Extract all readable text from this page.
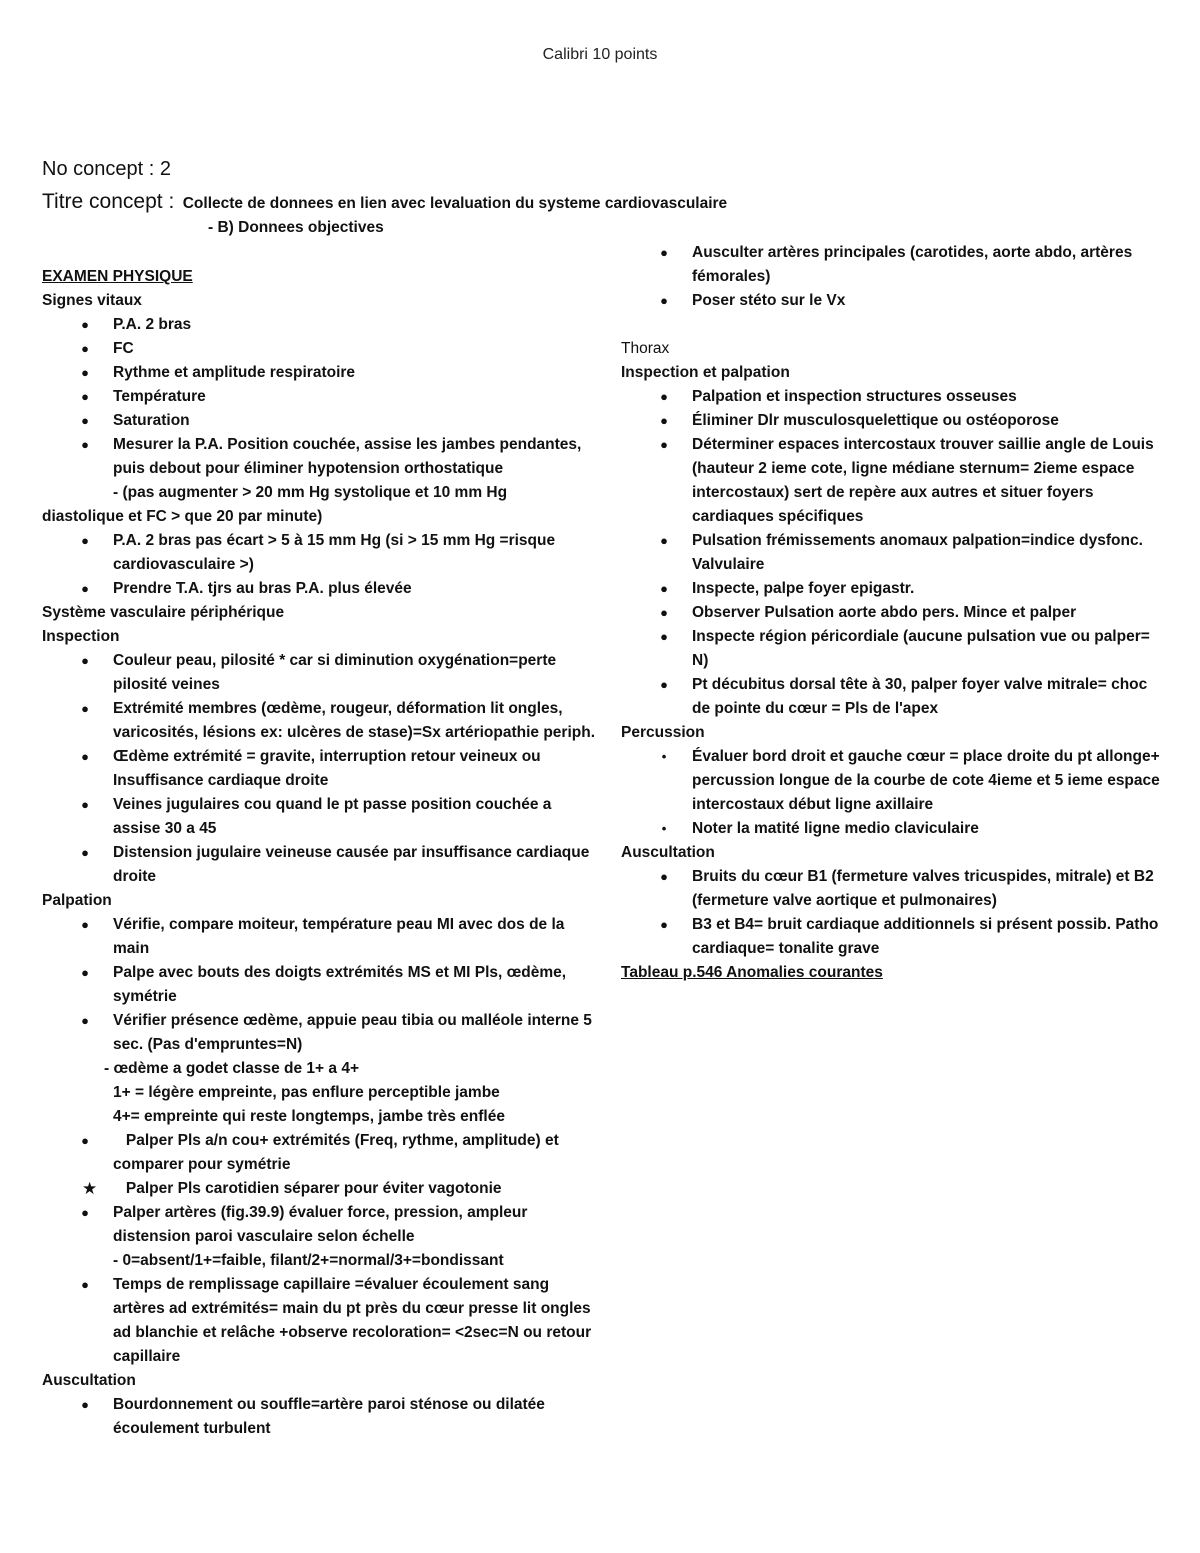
Calibri 10 points
No concept : 2
Titre concept : Collecte de donnees en lien avec levaluation du systeme cardiovasculaire
- B) Donnees objectives
EXAMEN PHYSIQUE
Signes vitaux
● P.A. 2 bras
● FC
● Rythme et amplitude respiratoire
● Température
● Saturation
● Mesurer la P.A. Position couchée, assise les jambes pendantes, puis debout pour éliminer hypotension orthostatique
- (pas augmenter > 20 mm Hg systolique et 10 mm Hg
diastolique et FC > que 20 par minute)
● P.A. 2 bras pas écart > 5 à 15 mm Hg (si > 15 mm Hg =risque cardiovasculaire >)
● Prendre T.A. tjrs au bras P.A. plus élevée
Système vasculaire périphérique
Inspection
● Couleur peau, pilosité * car si diminution oxygénation=perte pilosité veines
● Extrémité membres (œdème, rougeur, déformation lit ongles, varicosités, lésions ex: ulcères de stase)=Sx artériopathie periph.
● Œdème extrémité = gravite, interruption retour veineux ou Insuffisance cardiaque droite
● Veines jugulaires cou quand le pt passe position couchée a assise 30 a 45
● Distension jugulaire veineuse causée par insuffisance cardiaque droite
Palpation
● Vérifie, compare moiteur, température peau MI avec dos de la main
● Palpe avec bouts des doigts extrémités MS et MI Pls, œdème, symétrie
● Vérifier présence œdème, appuie peau tibia ou malléole interne 5 sec. (Pas d'empruntes=N)
- œdème a godet classe de 1+ a 4+
1+ = légère empreinte, pas enflure perceptible jambe
4+= empreinte qui reste longtemps, jambe très enflée
● Palper Pls a/n cou+ extrémités (Freq, rythme, amplitude) et comparer pour symétrie
★ Palper Pls carotidien séparer pour éviter vagotonie
● Palper artères (fig.39.9) évaluer force, pression, ampleur distension paroi vasculaire selon échelle
- 0=absent/1+=faible, filant/2+=normal/3+=bondissant
● Temps de remplissage capillaire =évaluer écoulement sang artères ad extrémités= main du pt près du cœur presse lit ongles ad blanchie et relâche +observe recoloration= <2sec=N ou retour capillaire
Auscultation
● Bourdonnement ou souffle=artère paroi sténose ou dilatée écoulement turbulent
● Ausculter artères principales (carotides, aorte abdo, artères fémorales)
● Poser stéto sur le Vx
Thorax
Inspection et palpation
● Palpation et inspection structures osseuses
● Éliminer Dlr musculosquelettique ou ostéoporose
● Déterminer espaces intercostaux trouver saillie angle de Louis (hauteur 2 ieme cote, ligne médiane sternum= 2ieme espace intercostaux) sert de repère aux autres et situer foyers cardiaques spécifiques
● Pulsation frémissements anomaux palpation=indice dysfonc. Valvulaire
● Inspecte, palpe foyer epigastr.
● Observer Pulsation aorte abdo pers. Mince et palper
● Inspecte région péricordiale (aucune pulsation vue ou palper= N)
● Pt décubitus dorsal tête à 30, palper foyer valve mitrale= choc de pointe du cœur = Pls de l'apex
Percussion
•	Évaluer bord droit et gauche cœur = place droite du pt allonge+ percussion longue de la courbe de cote 4ieme et 5 ieme espace intercostaux début ligne axillaire
•	Noter la matité ligne medio claviculaire
Auscultation
● Bruits du cœur B1 (fermeture valves tricuspides, mitrale) et B2 (fermeture valve aortique et pulmonaires)
● B3 et B4= bruit cardiaque additionnels si présent possib. Patho cardiaque= tonalite grave
Tableau p.546 Anomalies courantes
